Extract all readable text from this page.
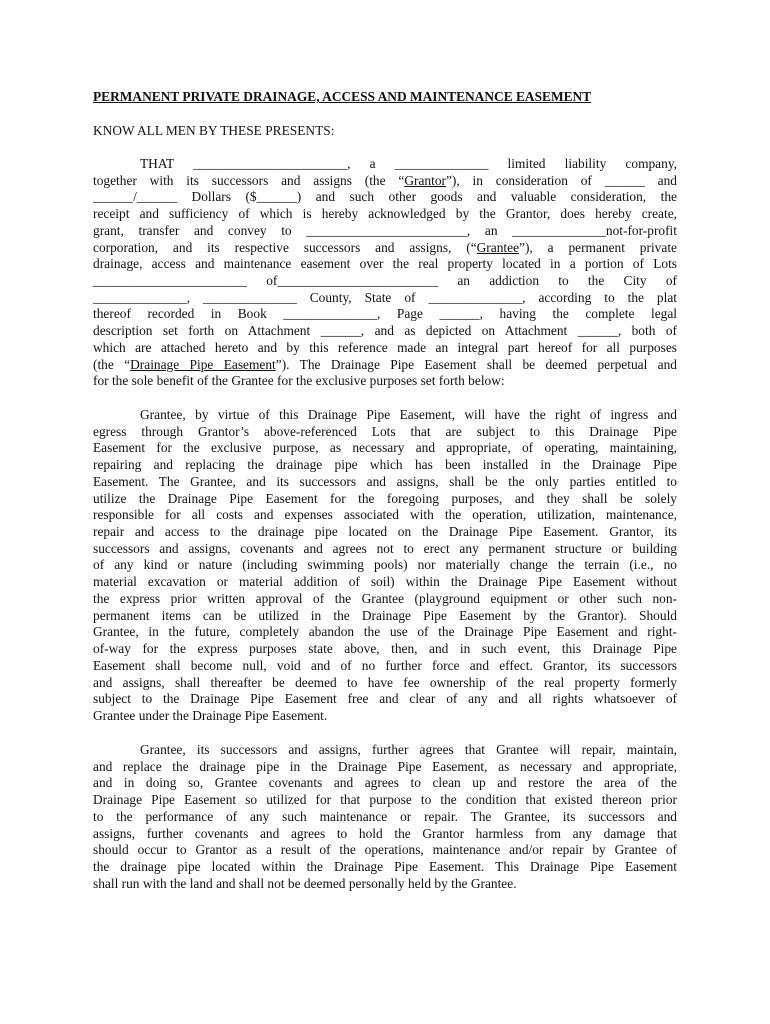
PERMANENT PRIVATE DRAINAGE, ACCESS AND MAINTENANCE EASEMENT
KNOW ALL MEN BY THESE PRESENTS:
THAT _______________________, a ______________ limited liability company,
together with its successors and assigns (the “Grantor”), in consideration of ______ and
______/______ Dollars ($______) and such other goods and valuable consideration, the
receipt and sufficiency of which is hereby acknowledged by the Grantor, does hereby create,
grant, transfer and convey to ________________________, an ______________not-for-profit
corporation, and its respective successors and assigns, (“Grantee”), a permanent private
drainage, access and maintenance easement over the real property located in a portion of Lots
_______________________ of________________________ an addiction to the City of
______________, ______________ County, State of ______________, according to the plat
thereof recorded in Book ______________, Page ______, having the complete legal
description set forth on Attachment ______, and as depicted on Attachment ______, both of
which are attached hereto and by this reference made an integral part hereof for all purposes
(the “Drainage Pipe Easement”). The Drainage Pipe Easement shall be deemed perpetual and
for the sole benefit of the Grantee for the exclusive purposes set forth below:
Grantee, by virtue of this Drainage Pipe Easement, will have the right of ingress and
egress through Grantor’s above-referenced Lots that are subject to this Drainage Pipe
Easement for the exclusive purpose, as necessary and appropriate, of operating, maintaining,
repairing and replacing the drainage pipe which has been installed in the Drainage Pipe
Easement. The Grantee, and its successors and assigns, shall be the only parties entitled to
utilize the Drainage Pipe Easement for the foregoing purposes, and they shall be solely
responsible for all costs and expenses associated with the operation, utilization, maintenance,
repair and access to the drainage pipe located on the Drainage Pipe Easement. Grantor, its
successors and assigns, covenants and agrees not to erect any permanent structure or building
of any kind or nature (including swimming pools) nor materially change the terrain (i.e., no
material excavation or material addition of soil) within the Drainage Pipe Easement without
the express prior written approval of the Grantee (playground equipment or other such non-
permanent items can be utilized in the Drainage Pipe Easement by the Grantor). Should
Grantee, in the future, completely abandon the use of the Drainage Pipe Easement and right-
of-way for the express purposes state above, then, and in such event, this Drainage Pipe
Easement shall become null, void and of no further force and effect. Grantor, its successors
and assigns, shall thereafter be deemed to have fee ownership of the real property formerly
subject to the Drainage Pipe Easement free and clear of any and all rights whatsoever of
Grantee under the Drainage Pipe Easement.
Grantee, its successors and assigns, further agrees that Grantee will repair, maintain,
and replace the drainage pipe in the Drainage Pipe Easement, as necessary and appropriate,
and in doing so, Grantee covenants and agrees to clean up and restore the area of the
Drainage Pipe Easement so utilized for that purpose to the condition that existed thereon prior
to the performance of any such maintenance or repair. The Grantee, its successors and
assigns, further covenants and agrees to hold the Grantor harmless from any damage that
should occur to Grantor as a result of the operations, maintenance and/or repair by Grantee of
the drainage pipe located within the Drainage Pipe Easement. This Drainage Pipe Easement
shall run with the land and shall not be deemed personally held by the Grantee.
